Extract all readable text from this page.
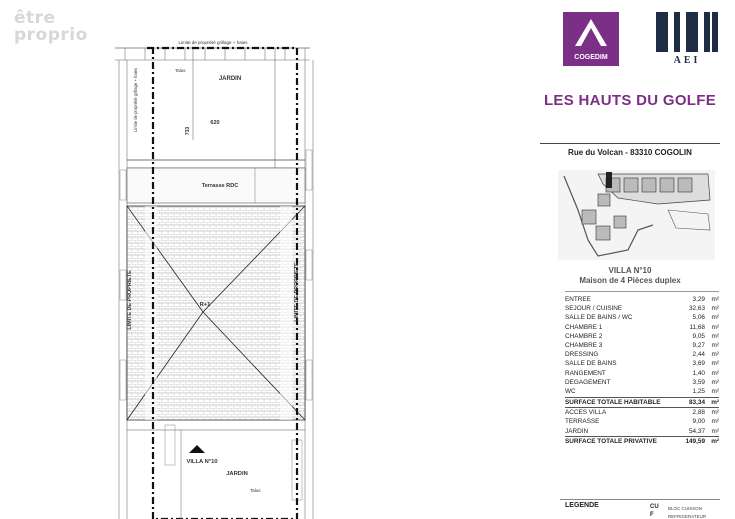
être
proprio	Limite de propriété grillage + haies
Limite de propriété grillage + haies	Talus
JARDIN
620
733
Terrasse RDC
LIMITE DE PROPRIETE	LIMITE DE PROPRIETE
R+1
VILLA N°10
JARDIN
Talus
COGEDIM	AEI
LES HAUTS DU GOLFE
Rue du Volcan - 83310 COGOLIN
VILLA N°10
Maison de 4 Pièces duplex
ENTREE	3,29	m²
SEJOUR / CUISINE	32,63	m²
SALLE DE BAINS / WC	5,06	m²
CHAMBRE 1	11,68	m²
CHAMBRE 2	9,05	m²
CHAMBRE 3	9,27	m²
DRESSING	2,44	m²
SALLE DE BAINS	3,69	m²
RANGEMENT	1,40	m²
DEGAGEMENT	3,59	m²
WC	1,25	m²
SURFACE TOTALE HABITABLE	83,34 m²
ACCES VILLA	2,88	m²
TERRASSE	9,00	m²
JARDIN	54,37	m²
SURFACE TOTALE PRIVATIVE	149,59 m²
LEGENDE	CU BLOC CUISSON
F	REFRIGERATEUR
